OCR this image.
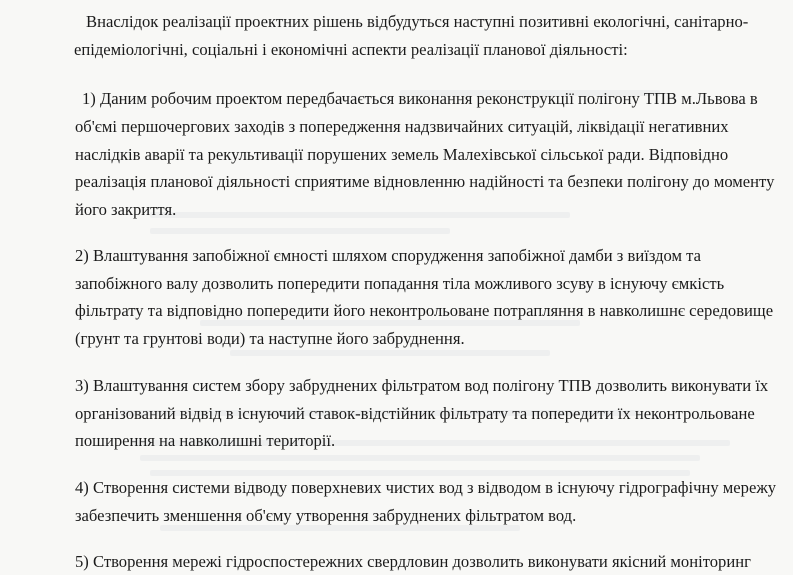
Внаслідок реалізації проектних рішень відбудуться наступні позитивні екологічні, санітарно-
епідеміологічні, соціальні і економічні аспекти реалізації планової діяльності:
1) Даним робочим проектом передбачається виконання реконструкції полігону ТПВ м.Львова в
об'ємі першочергових заходів з попередження надзвичайних ситуацій, ліквідації негативних
наслідків аварії та рекультивації порушених земель Малехівської сільської ради. Відповідно
реалізація планової діяльності сприятиме відновленню надійності та безпеки полігону до моменту
його закриття.
2) Влаштування запобіжної ємності шляхом спорудження запобіжної дамби з виїздом та
запобіжного валу дозволить попередити попадання тіла можливого зсуву в існуючу ємкість
фільтрату та відповідно попередити його неконтрольоване потрапляння в навколишнє середовище
(грунт та грунтові води) та наступне його забруднення.
3) Влаштування систем збору забруднених фільтратом вод полігону ТПВ дозволить виконувати їх
організований відвід в існуючий ставок-відстійник фільтрату та попередити їх неконтрольоване
поширення на навколишні території.
4) Створення системи відводу поверхневих чистих вод з відводом в існуючу гідрографічну мережу
забезпечить зменшення об'єму утворення забруднених фільтратом вод.
5) Створення мережі гідроспостережних свердловин дозволить виконувати якісний моніторинг
